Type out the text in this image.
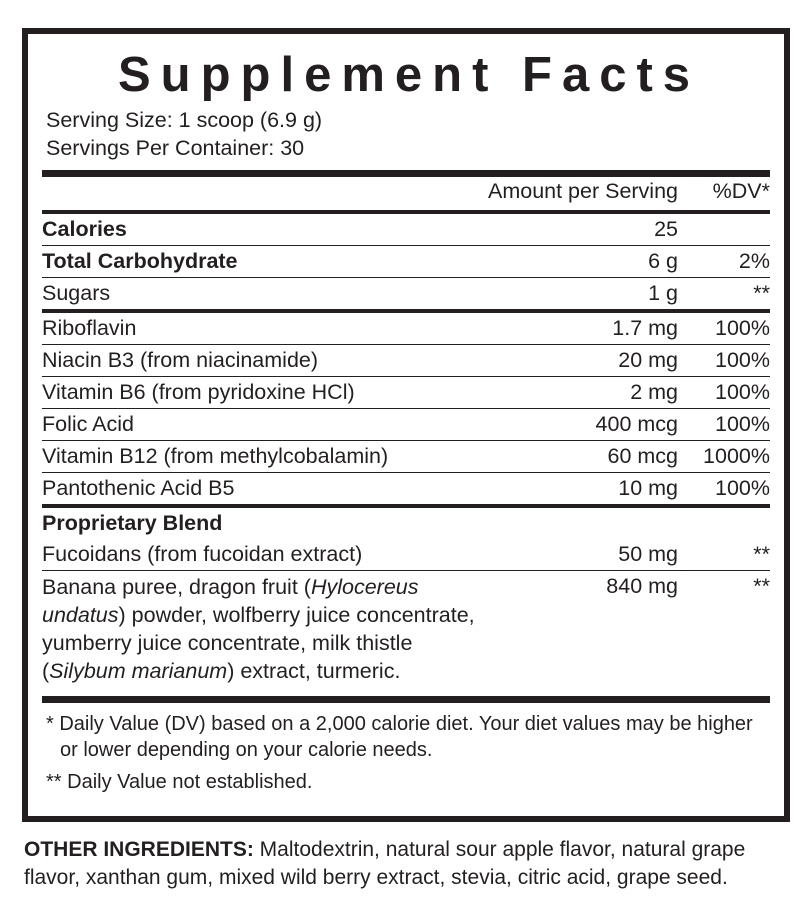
Supplement Facts
Serving Size: 1 scoop (6.9 g)
Servings Per Container: 30
	Amount per Serving	%DV*
Calories	25	
Total Carbohydrate	6 g	2%
Sugars	1 g	**
Riboflavin	1.7 mg	100%
Niacin B3 (from niacinamide)	20 mg	100%
Vitamin B6 (from pyridoxine HCl)	2 mg	100%
Folic Acid	400 mcg	100%
Vitamin B12 (from methylcobalamin)	60 mcg	1000%
Pantothenic Acid B5	10 mg	100%
Proprietary Blend		
Fucoidans (from fucoidan extract)	50 mg	**
Banana puree, dragon fruit (Hylocereus undatus) powder, wolfberry juice concentrate, yumberry juice concentrate, milk thistle (Silybum marianum) extract, turmeric.	840 mg	**

* Daily Value (DV) based on a 2,000 calorie diet. Your diet values may be higher or lower depending on your calorie needs.

** Daily Value not established.

OTHER INGREDIENTS: Maltodextrin, natural sour apple flavor, natural grape flavor, xanthan gum, mixed wild berry extract, stevia, citric acid, grape seed.
